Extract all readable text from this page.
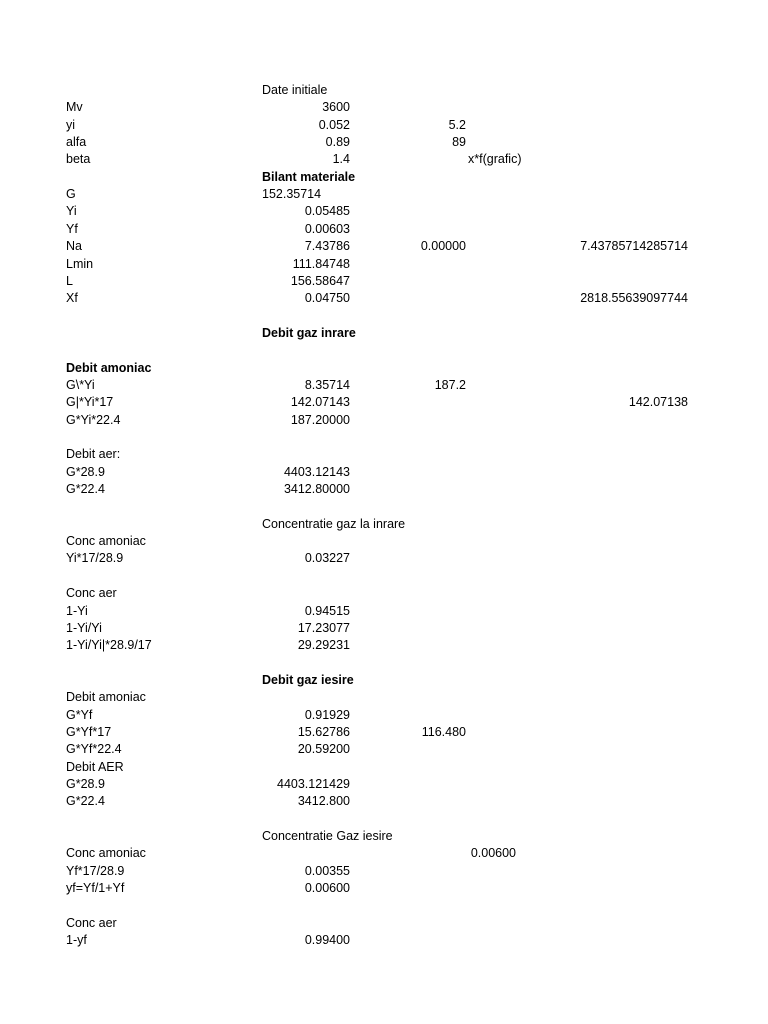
Date initiale
Mv	3600
yi	0.052	5.2
alfa	0.89	89
beta	1.4	x*f(grafic)
Bilant materiale
G	152.35714
Yi	0.05485
Yf	0.00603
Na	7.43786	0.00000	7.43785714285714
Lmin	111.84748
L	156.58647
Xf	0.04750	2818.55639097744
Debit gaz inrare
Debit amoniac
G\*Yi	8.35714	187.2
G|*Yi*17	142.07143	142.07138
G*Yi*22.4	187.20000
Debit aer:
G*28.9	4403.12143
G*22.4	3412.80000
Concentratie gaz la inrare
Conc amoniac
Yi*17/28.9	0.03227
Conc aer
1-Yi	0.94515
1-Yi/Yi	17.23077
1-Yi/Yi|*28.9/17	29.29231
Debit gaz iesire
Debit amoniac
G*Yf	0.91929
G*Yf*17	15.62786	116.480
G*Yf*22.4	20.59200
Debit AER
G*28.9	4403.121429
G*22.4	3412.800
Concentratie Gaz iesire
Conc amoniac	0.00600
Yf*17/28.9	0.00355
yf=Yf/1+Yf	0.00600
Conc aer
1-yf	0.99400
